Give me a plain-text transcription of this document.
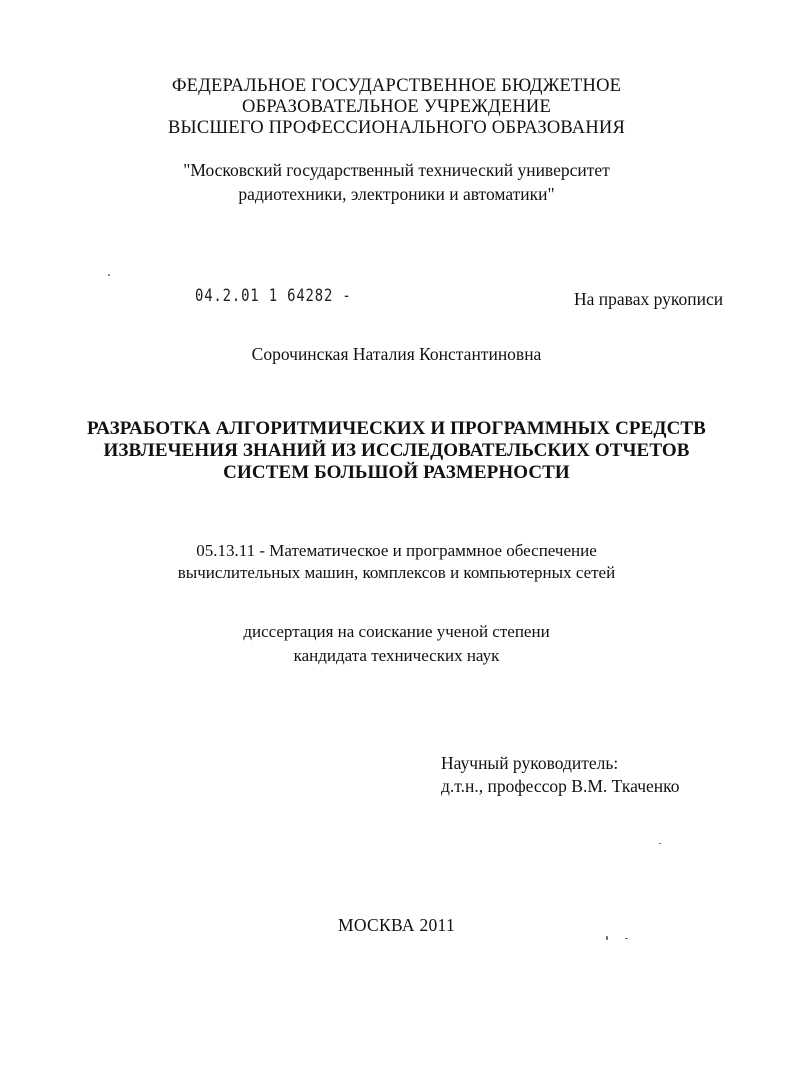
ФЕДЕРАЛЬНОЕ ГОСУДАРСТВЕННОЕ БЮДЖЕТНОЕ
ОБРАЗОВАТЕЛЬНОЕ УЧРЕЖДЕНИЕ
ВЫСШЕГО ПРОФЕССИОНАЛЬНОГО ОБРАЗОВАНИЯ
"Московский государственный технический университет
радиотехники, электроники и автоматики"
04.2.01 1 64282 -	На правах рукописи
Сорочинская Наталия Константиновна
РАЗРАБОТКА АЛГОРИТМИЧЕСКИХ И ПРОГРАММНЫХ СРЕДСТВ
ИЗВЛЕЧЕНИЯ ЗНАНИЙ ИЗ ИССЛЕДОВАТЕЛЬСКИХ ОТЧЕТОВ
СИСТЕМ БОЛЬШОЙ РАЗМЕРНОСТИ
05.13.11 - Математическое и программное обеспечение
вычислительных машин, комплексов и компьютерных сетей
диссертация на соискание ученой степени
кандидата технических наук
Научный руководитель:
д.т.н., профессор В.М. Ткаченко
МОСКВА 2011
